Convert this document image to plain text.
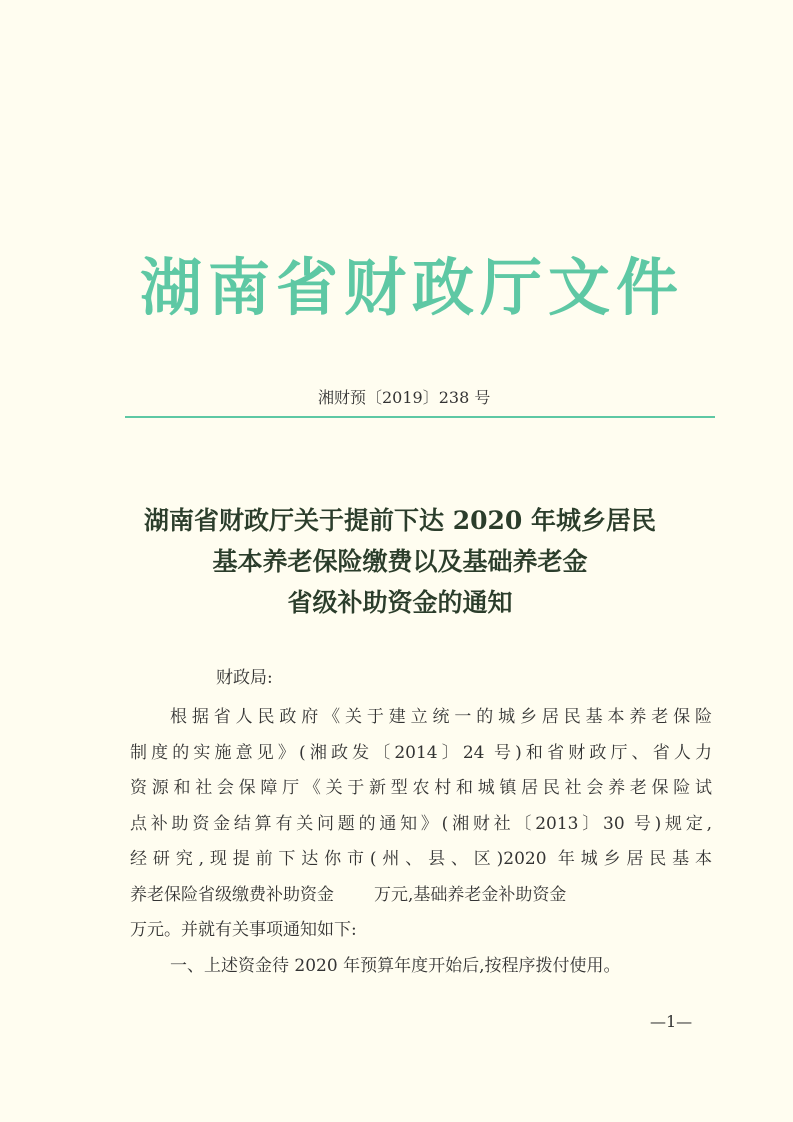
湖南省财政厅文件
湘财预〔2019〕238 号
湖南省财政厅关于提前下达 2020 年城乡居民
基本养老保险缴费以及基础养老金
省级补助资金的通知
财政局:
根据省人民政府《关于建立统一的城乡居民基本养老保险
制度的实施意见》(湘政发〔2014〕24 号)和省财政厅、省人力
资源和社会保障厅《关于新型农村和城镇居民社会养老保险试
点补助资金结算有关问题的通知》(湘财社〔2013〕30 号)规定,
经研究,现提前下达你市(州、县、区)2020 年城乡居民基本
养老保险省级缴费补助资金 万元,基础养老金补助资金
万元。并就有关事项通知如下:
一、上述资金待 2020 年预算年度开始后,按程序拨付使用。
—1—
